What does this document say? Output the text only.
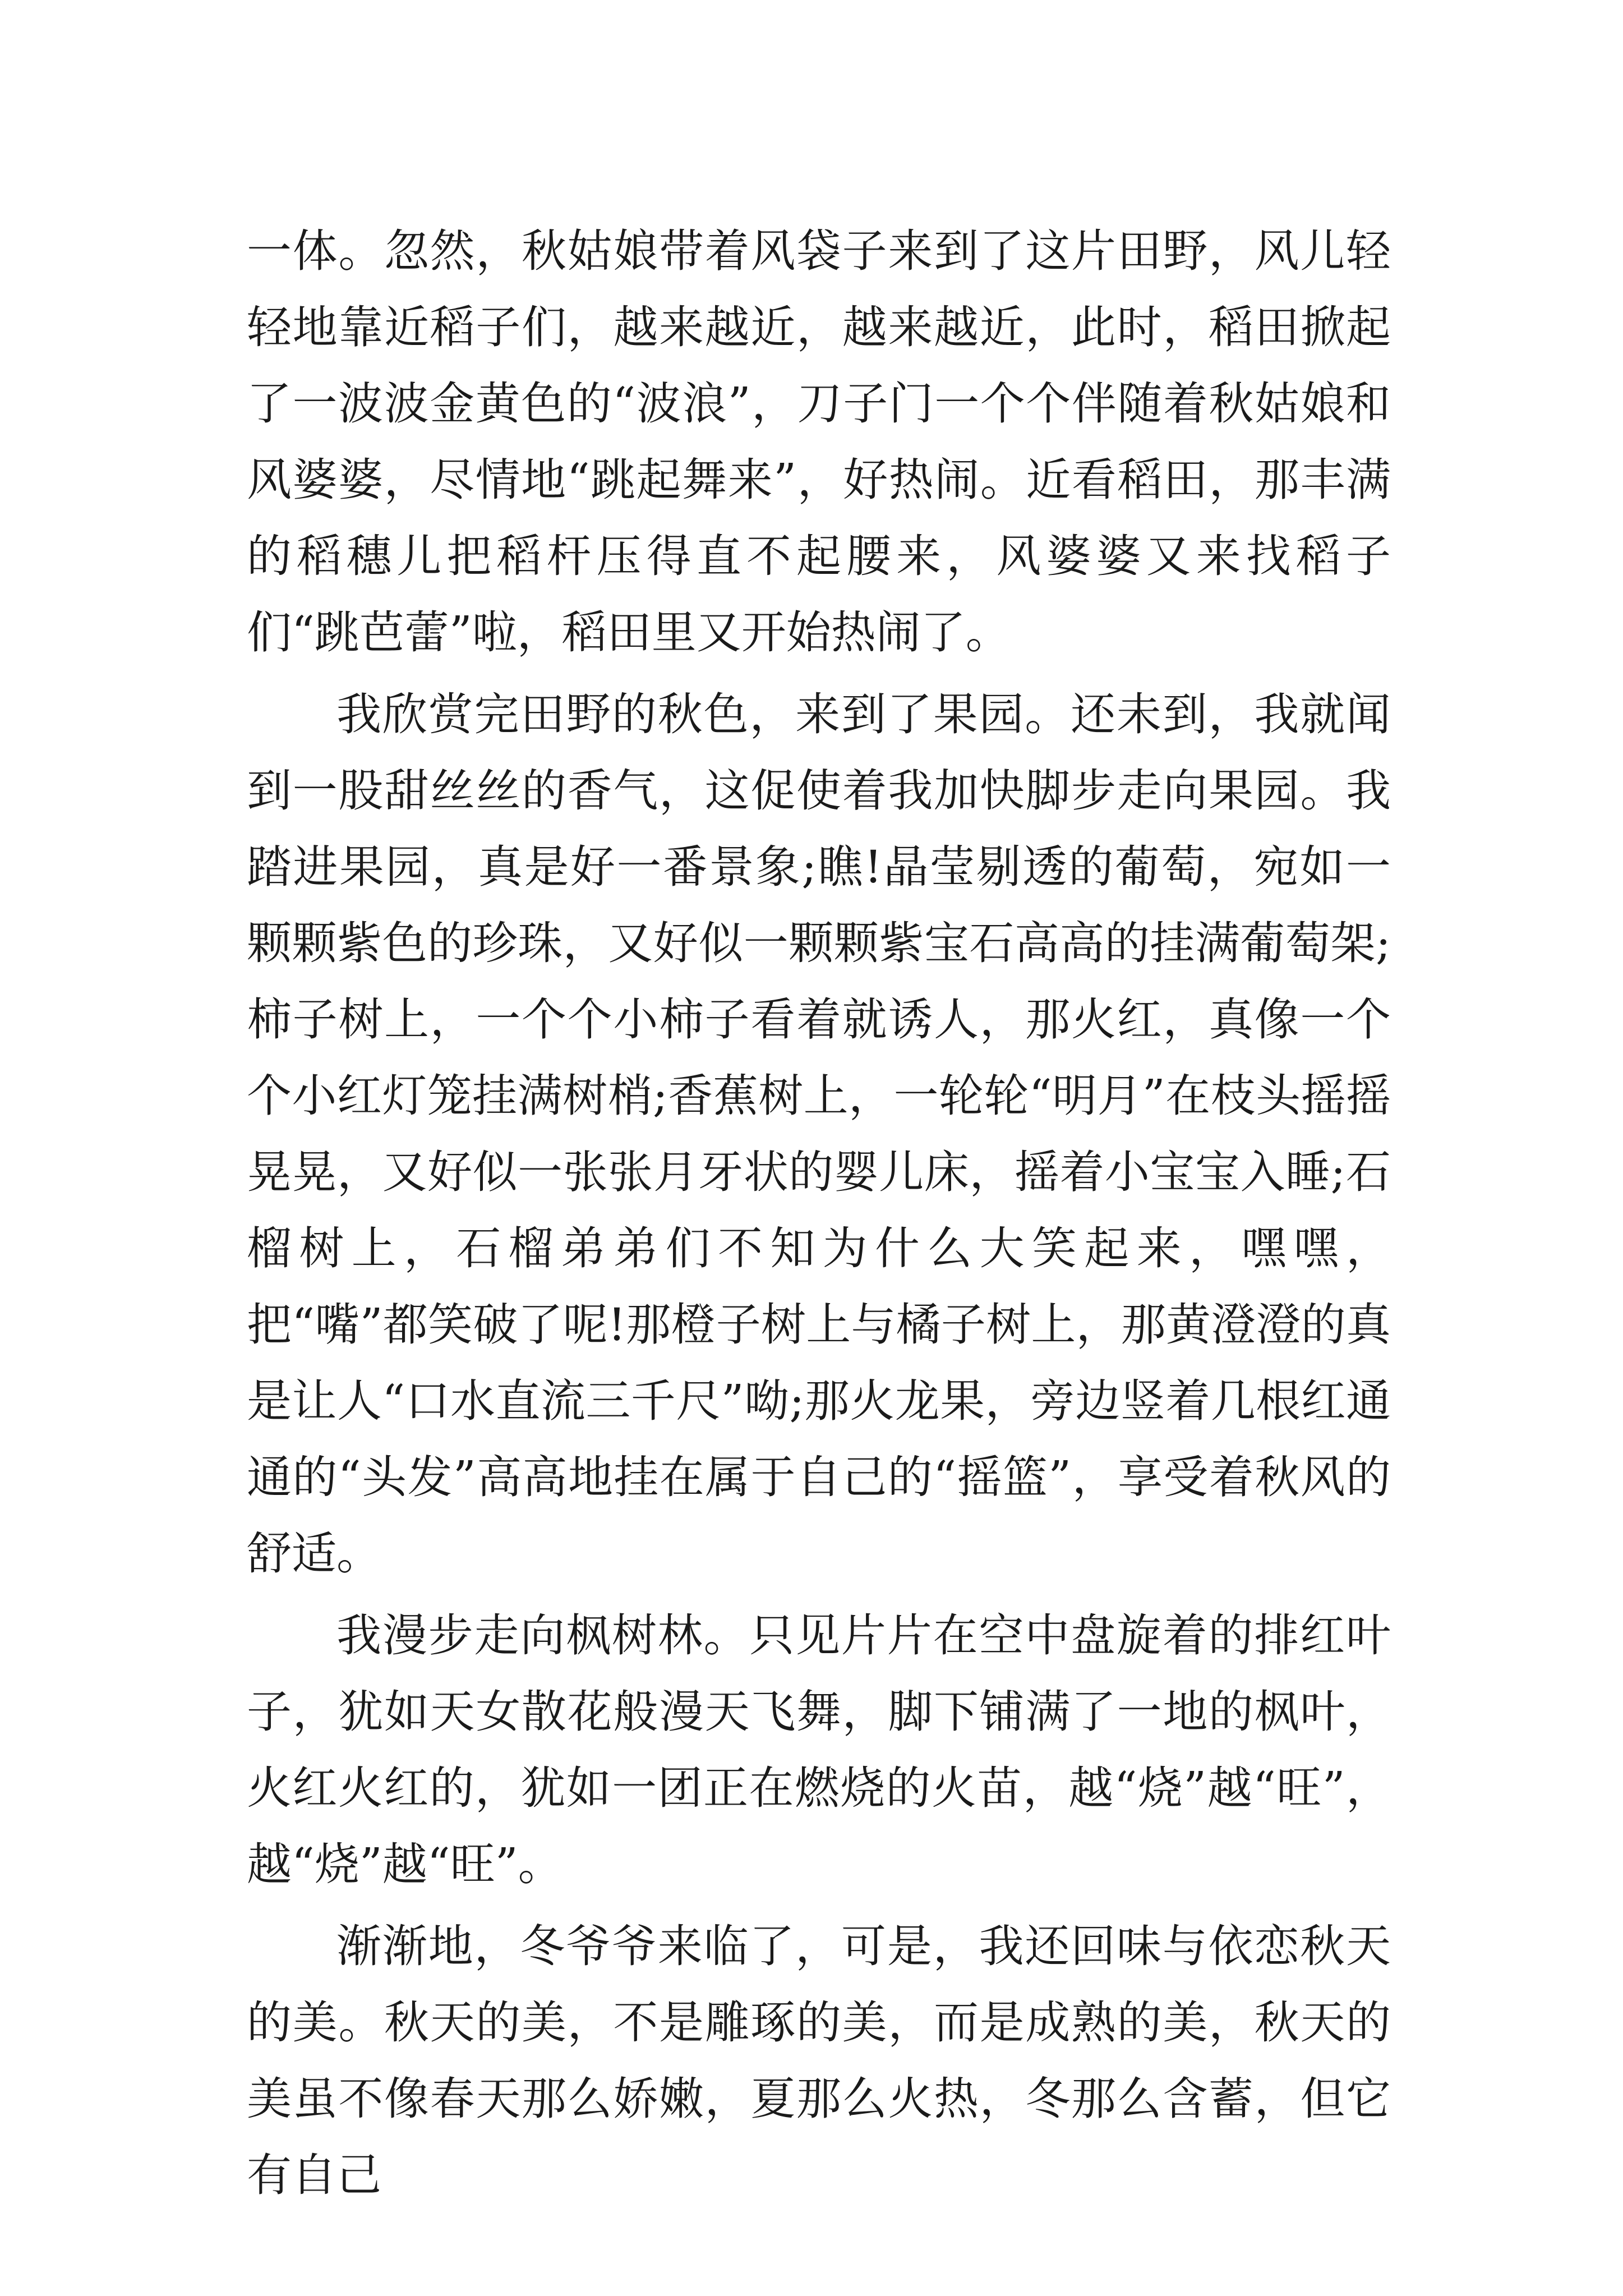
一体。忽然，秋姑娘带着风袋子来到了这片田野，风儿轻轻地靠近稻子们，越来越近，越来越近，此时，稻田掀起了一波波金黄色的“波浪”，刀子门一个个伴随着秋姑娘和风婆婆，尽情地“跳起舞来”，好热闹。近看稻田，那丰满的稻穗儿把稻杆压得直不起腰来，风婆婆又来找稻子们“跳芭蕾”啦，稻田里又开始热闹了。

我欣赏完田野的秋色，来到了果园。还未到，我就闻到一股甜丝丝的香气，这促使着我加快脚步走向果园。我踏进果园，真是好一番景象;瞧!晶莹剔透的葡萄，宛如一颗颗紫色的珍珠，又好似一颗颗紫宝石高高的挂满葡萄架;柿子树上，一个个小柿子看着就诱人，那火红，真像一个个小红灯笼挂满树梢;香蕉树上，一轮轮“明月”在枝头摇摇晃晃，又好似一张张月牙状的婴儿床，摇着小宝宝入睡;石榴树上，石榴弟弟们不知为什么大笑起来，嘿嘿，把“嘴”都笑破了呢!那橙子树上与橘子树上，那黄澄澄的真是让人“口水直流三千尺”呦;那火龙果，旁边竖着几根红通通的“头发”高高地挂在属于自己的“摇篮”，享受着秋风的舒适。

我漫步走向枫树林。只见片片在空中盘旋着的排红叶子，犹如天女散花般漫天飞舞，脚下铺满了一地的枫叶，火红火红的，犹如一团正在燃烧的火苗，越“烧”越“旺”，越“烧”越“旺”。

渐渐地，冬爷爷来临了，可是，我还回味与依恋秋天的美。秋天的美，不是雕琢的美，而是成熟的美，秋天的美虽不像春天那么娇嫩，夏那么火热，冬那么含蓄，但它有自己
